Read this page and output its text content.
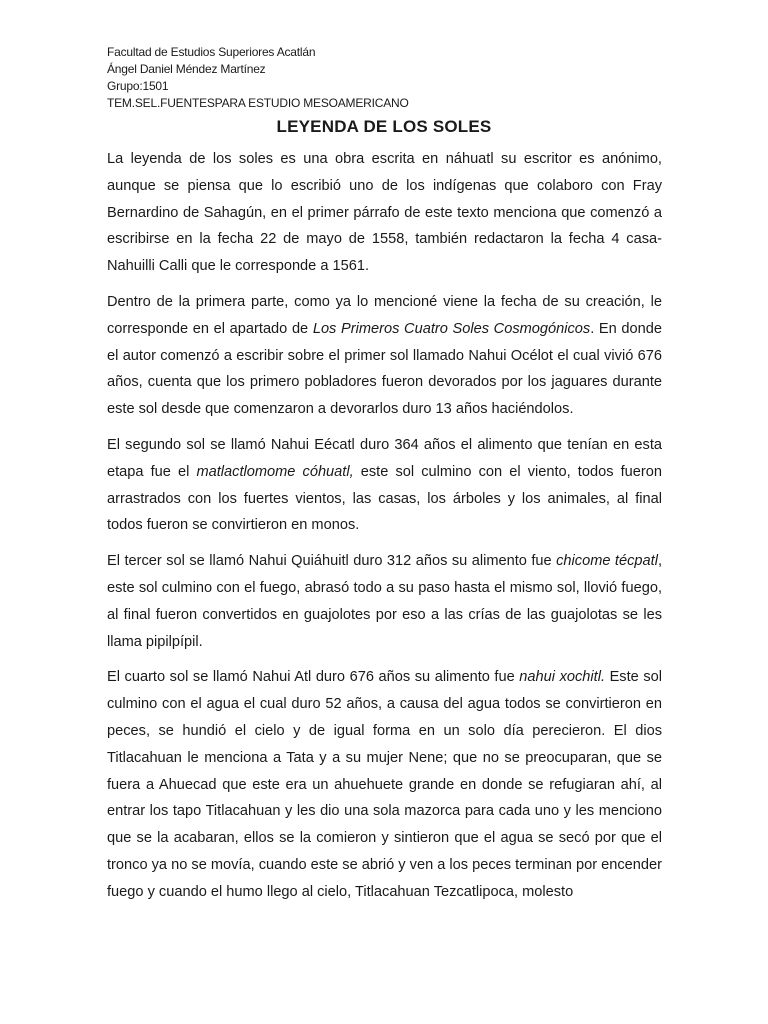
Facultad de Estudios Superiores Acatlán
Ángel Daniel Méndez Martínez
Grupo:1501
TEM.SEL.FUENTESPARA ESTUDIO MESOAMERICANO
LEYENDA DE LOS SOLES

La leyenda de los soles es una obra escrita en náhuatl su escritor es anónimo, aunque se piensa que lo escribió uno de los indígenas que colaboro con Fray Bernardino de Sahagún, en el primer párrafo de este texto menciona que comenzó a escribirse en la fecha 22 de mayo de 1558, también redactaron la fecha 4 casa-Nahuilli Calli que le corresponde a 1561.

Dentro de la primera parte, como ya lo mencioné viene la fecha de su creación, le corresponde en el apartado de Los Primeros Cuatro Soles Cosmogónicos. En donde el autor comenzó a escribir sobre el primer sol llamado Nahui Océlot el cual vivió 676 años, cuenta que los primero pobladores fueron devorados por los jaguares durante este sol desde que comenzaron a devorarlos duro 13 años haciéndolos.

El segundo sol se llamó Nahui Eécatl duro 364 años el alimento que tenían en esta etapa fue el matlactlomome cóhuatl, este sol culmino con el viento, todos fueron arrastrados con los fuertes vientos, las casas, los árboles y los animales, al final todos fueron se convirtieron en monos.

El tercer sol se llamó Nahui Quiáhuitl duro 312 años su alimento fue chicome técpatl, este sol culmino con el fuego, abrasó todo a su paso hasta el mismo sol, llovió fuego, al final fueron convertidos en guajolotes por eso a las crías de las guajolotas se les llama pipilpípil.

El cuarto sol se llamó Nahui Atl duro 676 años su alimento fue nahui xochitl. Este sol culmino con el agua el cual duro 52 años, a causa del agua todos se convirtieron en peces, se hundió el cielo y de igual forma en un solo día perecieron. El dios Titlacahuan le menciona a Tata y a su mujer Nene; que no se preocuparan, que se fuera a Ahuecad que este era un ahuehuete grande en donde se refugiaran ahí, al entrar los tapo Titlacahuan y les dio una sola mazorca para cada uno y les menciono que se la acabaran, ellos se la comieron y sintieron que el agua se secó por que el tronco ya no se movía, cuando este se abrió y ven a los peces terminan por encender fuego y cuando el humo llego al cielo, Titlacahuan Tezcatlipoca, molesto
